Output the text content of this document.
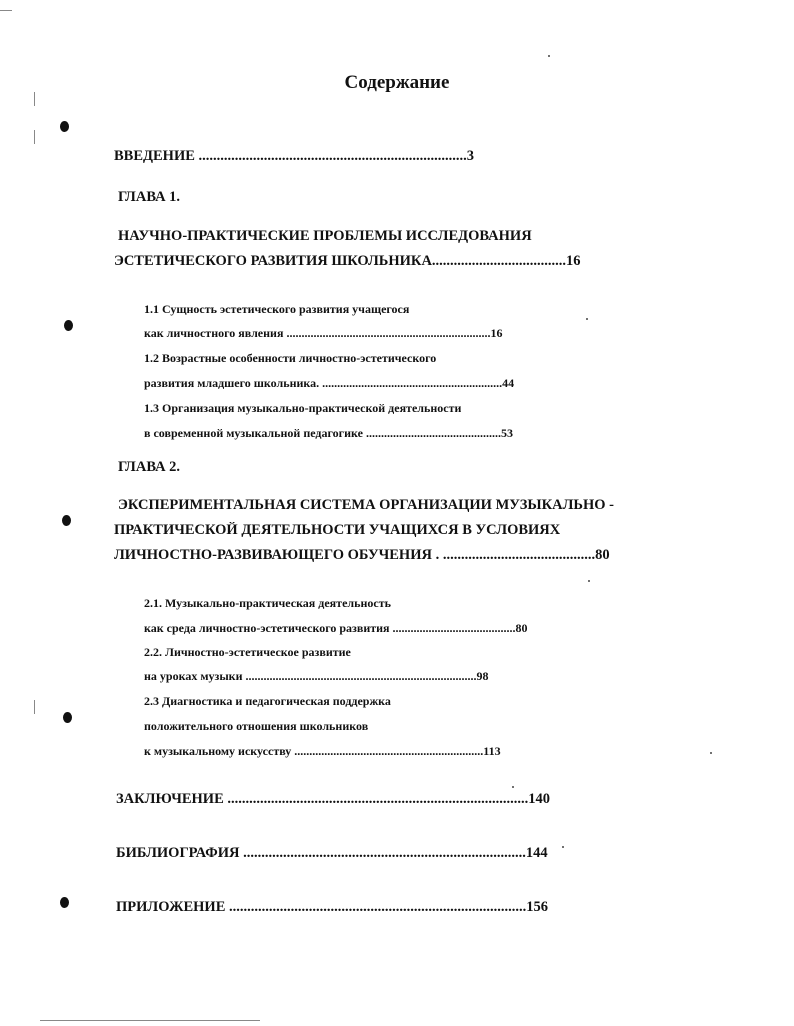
Содержание
ВВЕДЕНИЕ ..........................................................................3
ГЛАВА 1.
НАУЧНО-ПРАКТИЧЕСКИЕ ПРОБЛЕМЫ ИССЛЕДОВАНИЯ
ЭСТЕТИЧЕСКОГО РАЗВИТИЯ ШКОЛЬНИКА.....................................16
1.1 Сущность эстетического развития учащегося
как личностного явления ....................................................................16
1.2 Возрастные особенности личностно-эстетического
развития младшего школьника. ............................................................44
1.3 Организация музыкально-практической деятельности
в современной музыкальной педагогике .............................................53
ГЛАВА 2.
ЭКСПЕРИМЕНТАЛЬНАЯ СИСТЕМА ОРГАНИЗАЦИИ МУЗЫКАЛЬНО -
ПРАКТИЧЕСКОЙ ДЕЯТЕЛЬНОСТИ УЧАЩИХСЯ В УСЛОВИЯХ
ЛИЧНОСТНО-РАЗВИВАЮЩЕГО ОБУЧЕНИЯ . ..........................................80
2.1. Музыкально-практическая деятельность
как среда личностно-эстетического развития .........................................80
2.2. Личностно-эстетическое развитие
на уроках музыки .............................................................................98
2.3 Диагностика и педагогическая поддержка
положительного отношения школьников
к музыкальному искусству ...............................................................113
ЗАКЛЮЧЕНИЕ ...................................................................................140
БИБЛИОГРАФИЯ ..............................................................................144
ПРИЛОЖЕНИЕ ..................................................................................156
